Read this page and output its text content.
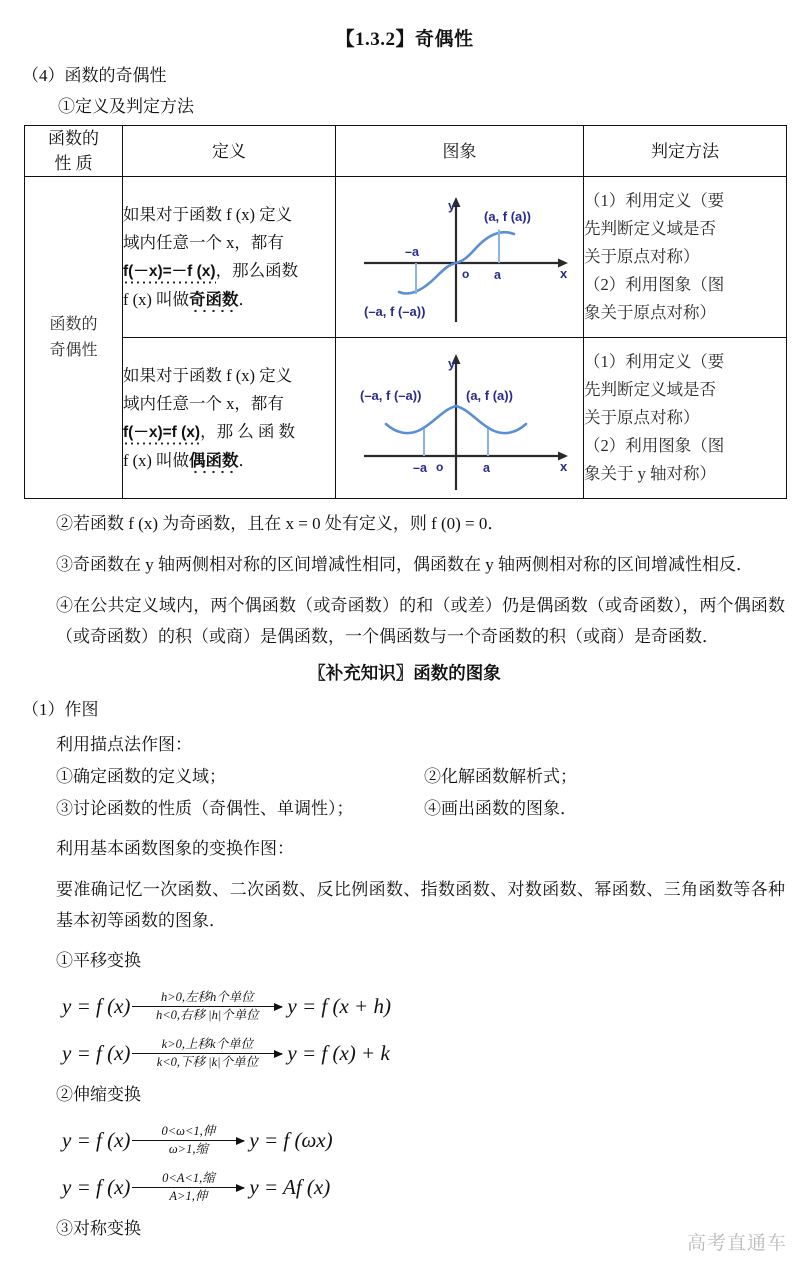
【1.3.2】奇偶性
（4）函数的奇偶性
①定义及判定方法
函数的
性 质	定义	图象	判定方法

函数的
奇偶性

如果对于函数 f (x) 定义
域内任意一个 x，都有
f(－x)=－f (x)，那么函数
f (x) 叫做奇函数．

y
x
o a
–a
(a, f (a))
(–a, f (–a))

（1）利用定义（要
先判断定义域是否
关于原点对称）
（2）利用图象（图
象关于原点对称）

如果对于函数 f (x) 定义
域内任意一个 x，都有
f(－x)=f (x)，那 么 函 数
f (x) 叫做偶函数．

y
x
o	a
–a
(a, f (a))
(–a, f (–a))

（1）利用定义（要
先判断定义域是否
关于原点对称）
（2）利用图象（图
象关于 y 轴对称）
②若函数 f (x) 为奇函数，且在 x = 0 处有定义，则 f (0) = 0．
③奇函数在 y 轴两侧相对称的区间增减性相同，偶函数在 y 轴两侧相对称的区间增减性相反．
④在公共定义域内，两个偶函数（或奇函数）的和（或差）仍是偶函数（或奇函数），两个偶函数（或奇函数）的积（或商）是偶函数，一个偶函数与一个奇函数的积（或商）是奇函数．
〖补充知识〗函数的图象
（1）作图
利用描点法作图：
①确定函数的定义域；	②化解函数解析式；
③讨论函数的性质（奇偶性、单调性）；	④画出函数的图象．
利用基本函数图象的变换作图：
要准确记忆一次函数、二次函数、反比例函数、指数函数、对数函数、幂函数、三角函数等各种基本初等函数的图象．
①平移变换
y = f (x)	h>0,左移h个单位
h<0,右移 |h|个单位 y = f (x + h)
y = f (x)	k>0,上移k个单位
k<0,下移 |k|个单位 y = f (x) + k
②伸缩变换
y = f (x)	0<ω<1,伸
ω>1,缩 y = f (ωx)
y = f (x)	0<A<1,缩
A>1,伸 y = Af (x)
③对称变换
高考直通车
